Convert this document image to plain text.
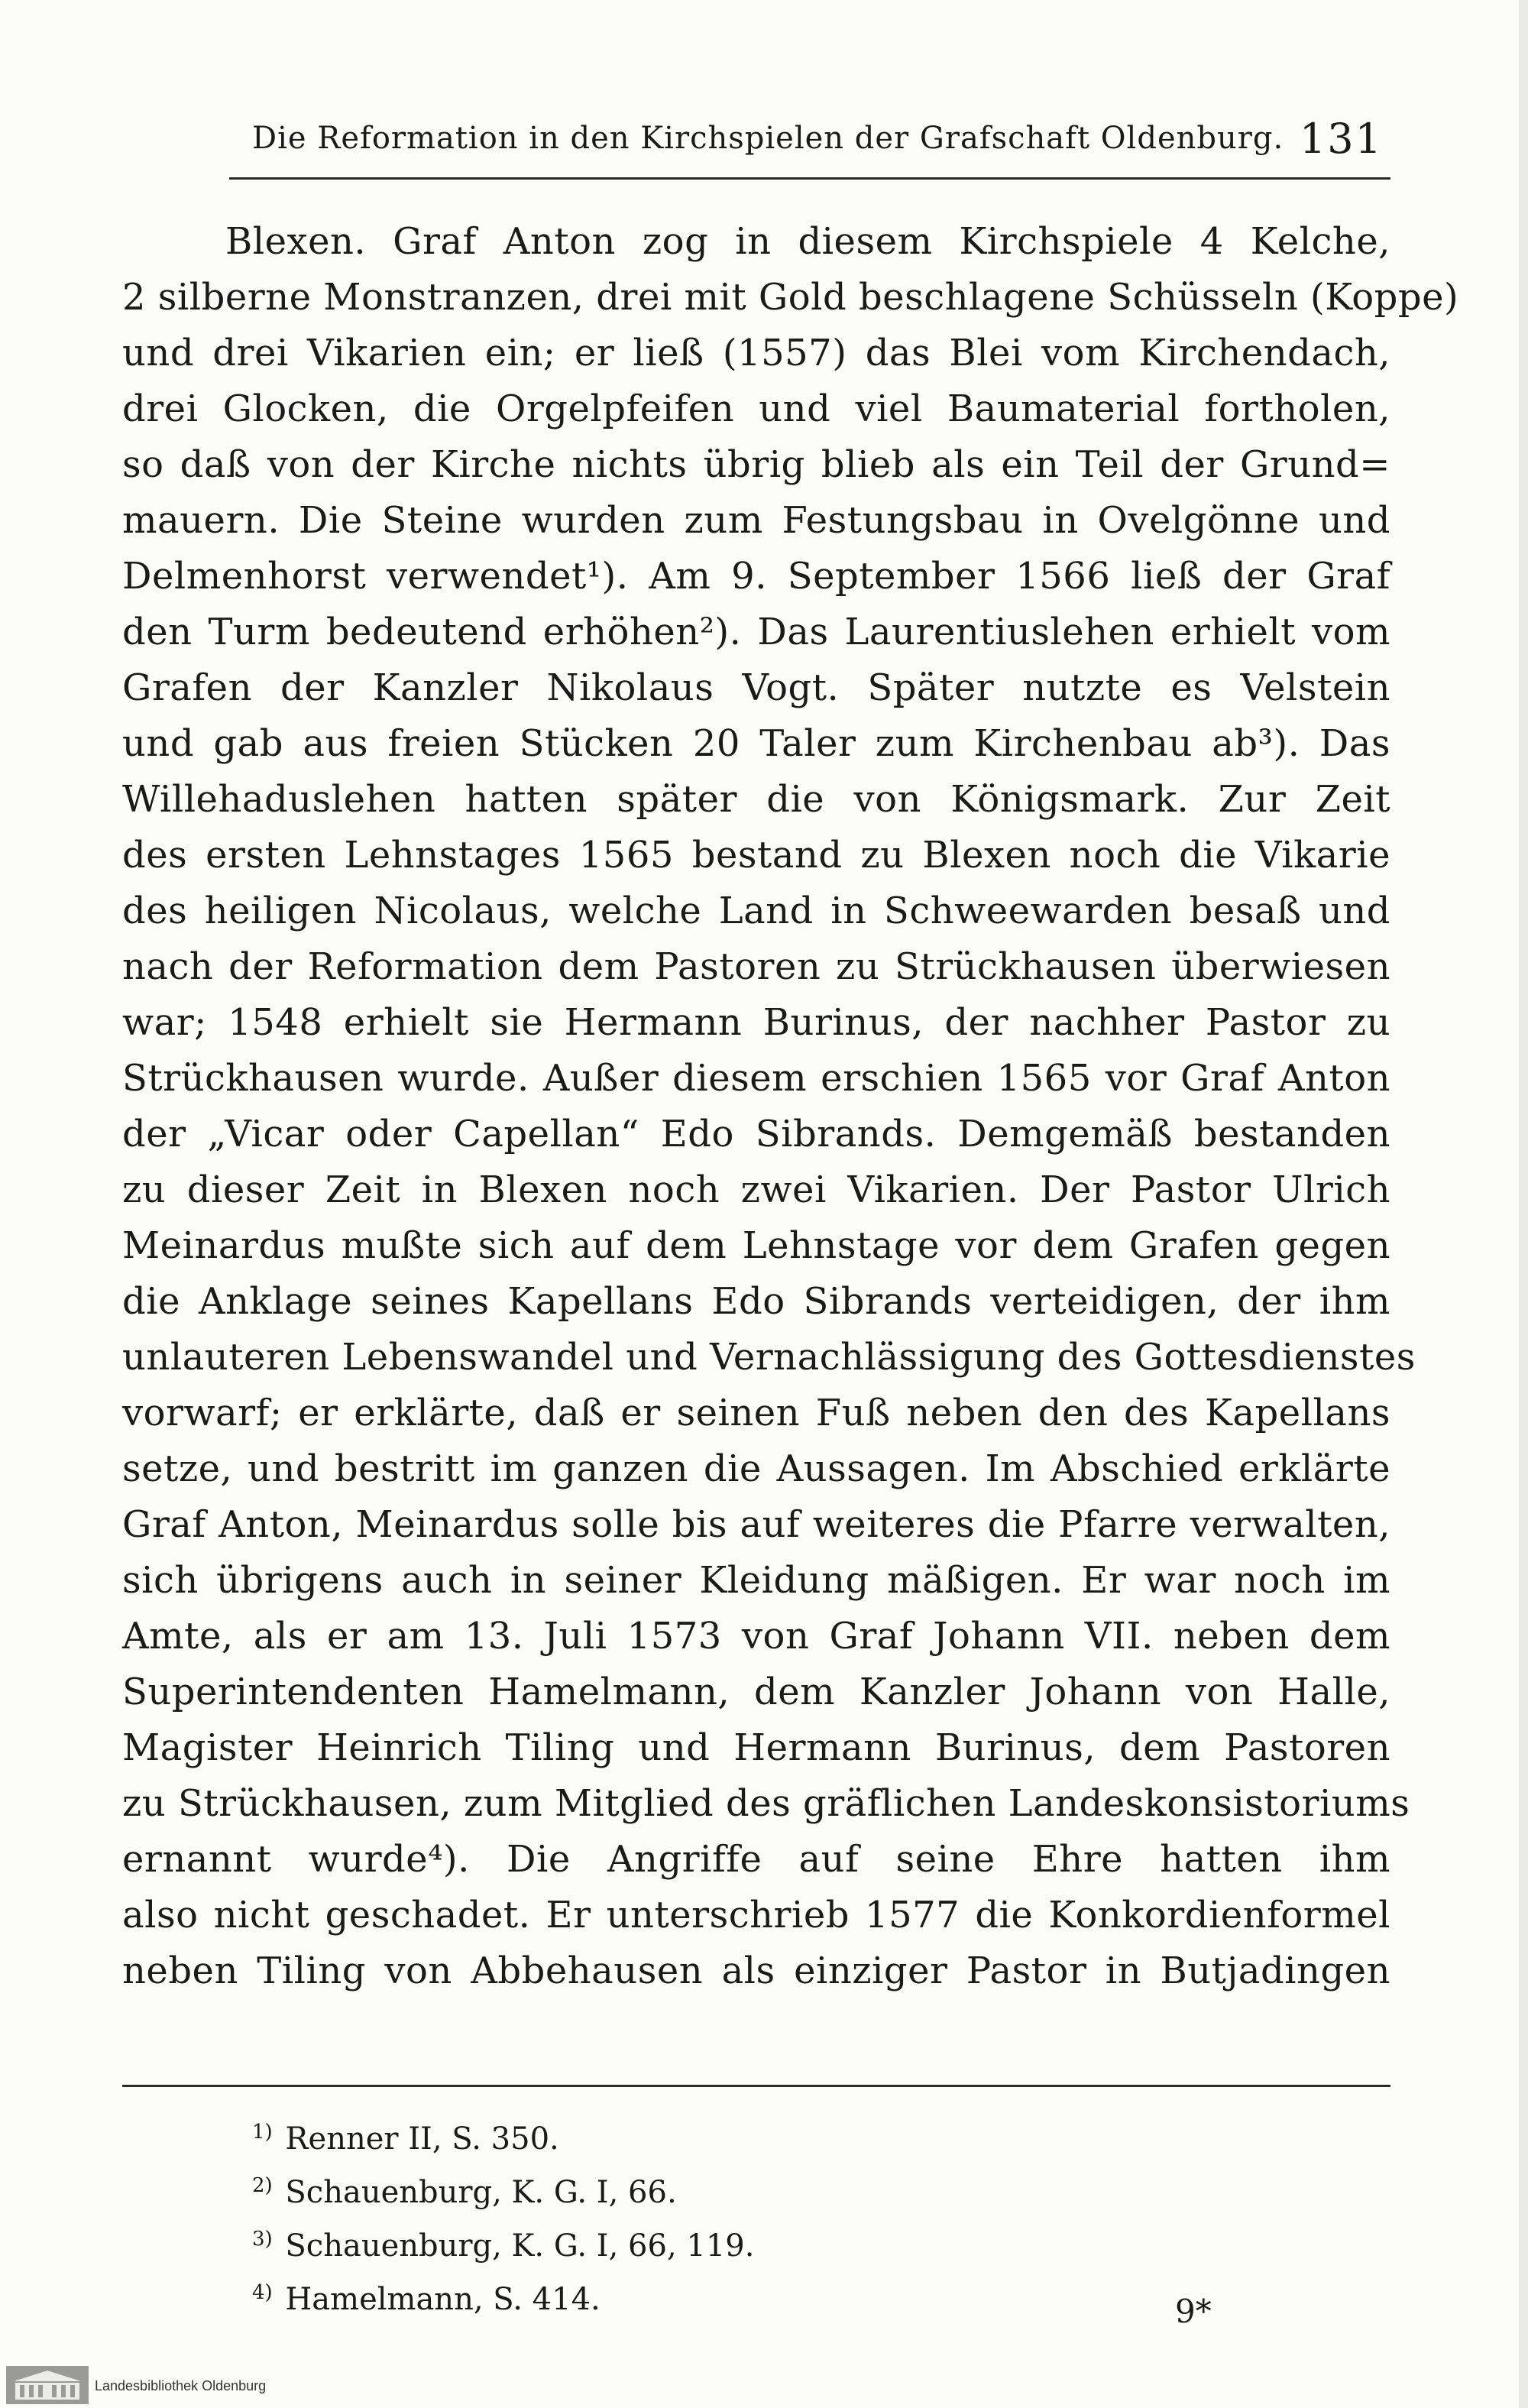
Die Reformation in den Kirchspielen der Grafschaft Oldenburg. 131
Blexen. Graf Anton zog in diesem Kirchspiele 4 Kelche,
2 silberne Monstranzen, drei mit Gold beschlagene Schüsseln (Koppe)
und drei Vikarien ein; er ließ (1557) das Blei vom Kirchendach,
drei Glocken, die Orgelpfeifen und viel Baumaterial fortholen,
so daß von der Kirche nichts übrig blieb als ein Teil der Grund=
mauern. Die Steine wurden zum Festungsbau in Ovelgönne und
Delmenhorst verwendet¹). Am 9. September 1566 ließ der Graf
den Turm bedeutend erhöhen²). Das Laurentiuslehen erhielt vom
Grafen der Kanzler Nikolaus Vogt. Später nutzte es Velstein
und gab aus freien Stücken 20 Taler zum Kirchenbau ab³). Das
Willehaduslehen hatten später die von Königsmark. Zur Zeit
des ersten Lehnstages 1565 bestand zu Blexen noch die Vikarie
des heiligen Nicolaus, welche Land in Schweewarden besaß und
nach der Reformation dem Pastoren zu Strückhausen überwiesen
war; 1548 erhielt sie Hermann Burinus, der nachher Pastor zu
Strückhausen wurde. Außer diesem erschien 1565 vor Graf Anton
der „Vicar oder Capellan“ Edo Sibrands. Demgemäß bestanden
zu dieser Zeit in Blexen noch zwei Vikarien. Der Pastor Ulrich
Meinardus mußte sich auf dem Lehnstage vor dem Grafen gegen
die Anklage seines Kapellans Edo Sibrands verteidigen, der ihm
unlauteren Lebenswandel und Vernachlässigung des Gottesdienstes
vorwarf; er erklärte, daß er seinen Fuß neben den des Kapellans
setze, und bestritt im ganzen die Aussagen. Im Abschied erklärte
Graf Anton, Meinardus solle bis auf weiteres die Pfarre verwalten,
sich übrigens auch in seiner Kleidung mäßigen. Er war noch im
Amte, als er am 13. Juli 1573 von Graf Johann VII. neben dem
Superintendenten Hamelmann, dem Kanzler Johann von Halle,
Magister Heinrich Tiling und Hermann Burinus, dem Pastoren
zu Strückhausen, zum Mitglied des gräflichen Landeskonsistoriums
ernannt wurde⁴). Die Angriffe auf seine Ehre hatten ihm
also nicht geschadet. Er unterschrieb 1577 die Konkordienformel
neben Tiling von Abbehausen als einziger Pastor in Butjadingen
$^{1)}$ Renner II, S. 350.
$^{2)}$ Schauenburg, K. G. I, 66.
$^{3)}$ Schauenburg, K. G. I, 66, 119.
$^{4)}$ Hamelmann, S. 414.	9*
Landesbibliothek Oldenburg
